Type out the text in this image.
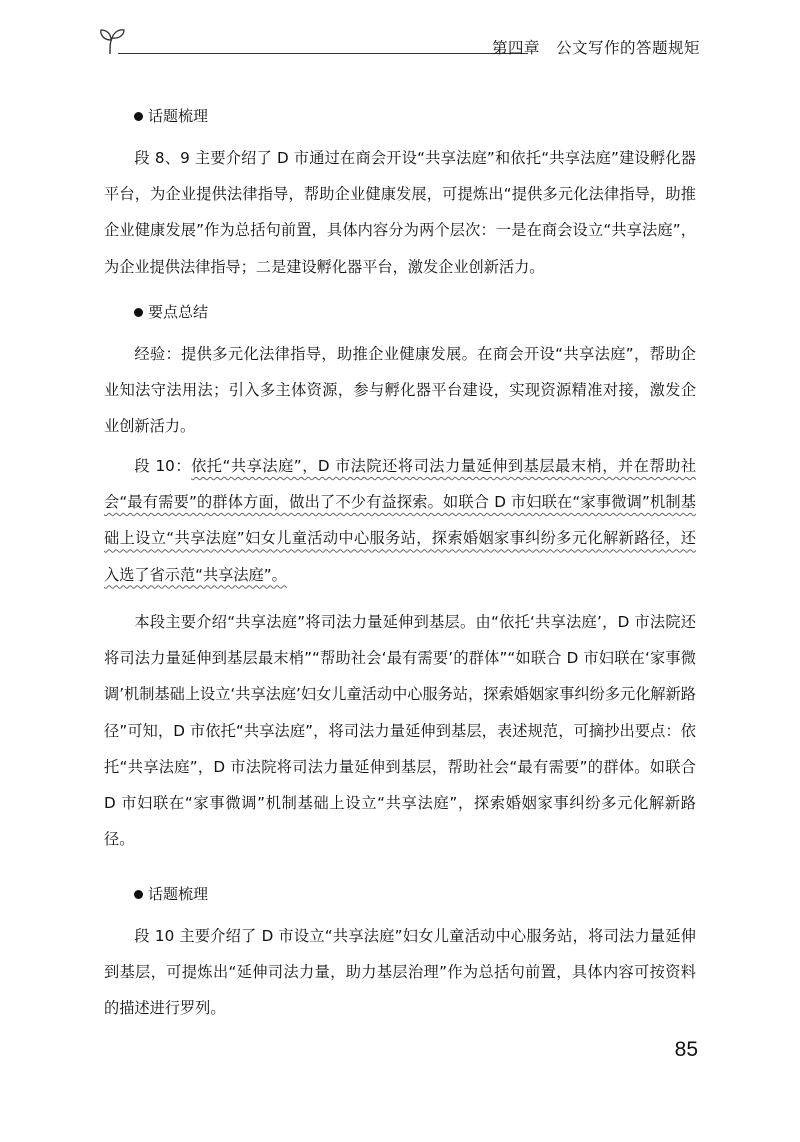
第四章 公文写作的答题规矩
话题梳理

段 8、9 主要介绍了 D 市通过在商会开设“共享法庭”和依托“共享法庭”建设孵化器平台，为企业提供法律指导，帮助企业健康发展，可提炼出“提供多元化法律指导，助推企业健康发展”作为总括句前置，具体内容分为两个层次：一是在商会设立“共享法庭”，为企业提供法律指导；二是建设孵化器平台，激发企业创新活力。

要点总结

经验：提供多元化法律指导，助推企业健康发展。在商会开设“共享法庭”，帮助企业知法守法用法；引入多主体资源，参与孵化器平台建设，实现资源精准对接，激发企业创新活力。

段 10：依托“共享法庭”，D 市法院还将司法力量延伸到基层最末梢，并在帮助社会“最有需要”的群体方面，做出了不少有益探索。如联合 D 市妇联在“家事微调”机制基础上设立“共享法庭”妇女儿童活动中心服务站，探索婚姻家事纠纷多元化解新路径，还入选了省示范“共享法庭”。

本段主要介绍“共享法庭”将司法力量延伸到基层。由“依托‘共享法庭’，D 市法院还将司法力量延伸到基层最末梢”“帮助社会‘最有需要’的群体”“如联合 D 市妇联在‘家事微调’机制基础上设立‘共享法庭’妇女儿童活动中心服务站，探索婚姻家事纠纷多元化解新路径”可知，D 市依托“共享法庭”，将司法力量延伸到基层，表述规范，可摘抄出要点：依托“共享法庭”，D 市法院将司法力量延伸到基层，帮助社会“最有需要”的群体。如联合 D 市妇联在“家事微调”机制基础上设立“共享法庭”，探索婚姻家事纠纷多元化解新路径。

话题梳理

段 10 主要介绍了 D 市设立“共享法庭”妇女儿童活动中心服务站，将司法力量延伸到基层，可提炼出“延伸司法力量，助力基层治理”作为总括句前置，具体内容可按资料的描述进行罗列。

85
